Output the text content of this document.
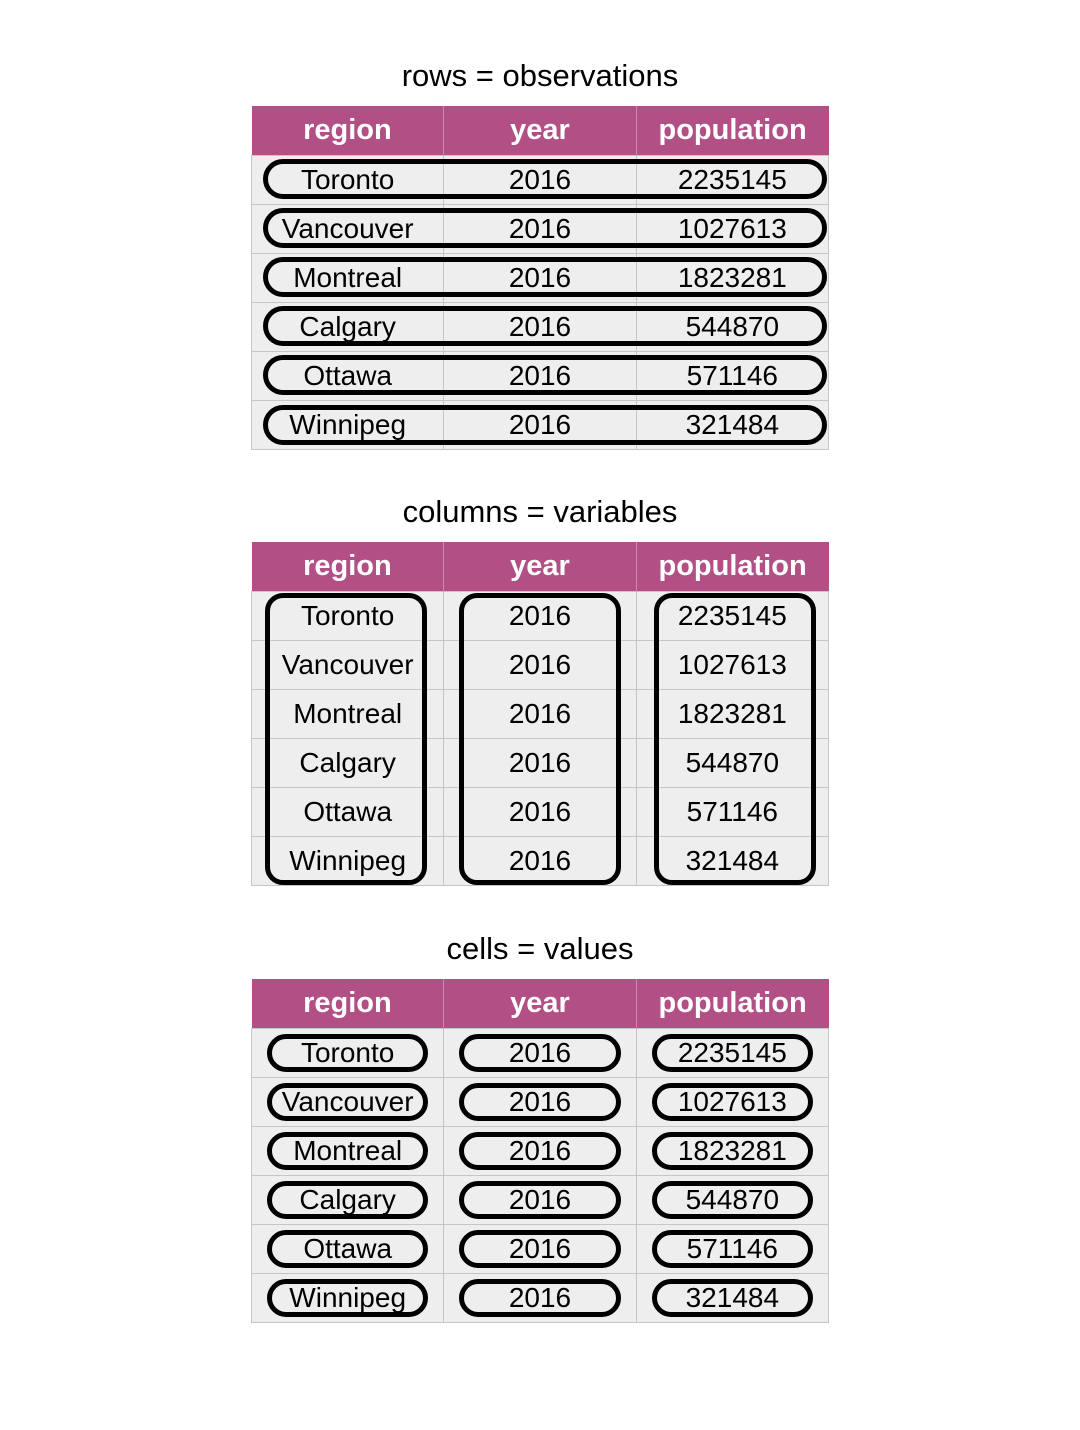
rows = observations
region	year	population
Toronto	2016	2235145
Vancouver	2016	1027613
Montreal	2016	1823281
Calgary	2016	544870
Ottawa	2016	571146
Winnipeg	2016	321484
columns = variables
region	year	population
Toronto	2016	2235145
Vancouver	2016	1027613
Montreal	2016	1823281
Calgary	2016	544870
Ottawa	2016	571146
Winnipeg	2016	321484
cells = values
region	year	population

Toronto	2016	2235145

Vancouver	2016	1027613

Montreal	2016	1823281

Calgary	2016	544870

Ottawa	2016	571146

Winnipeg	2016	321484
